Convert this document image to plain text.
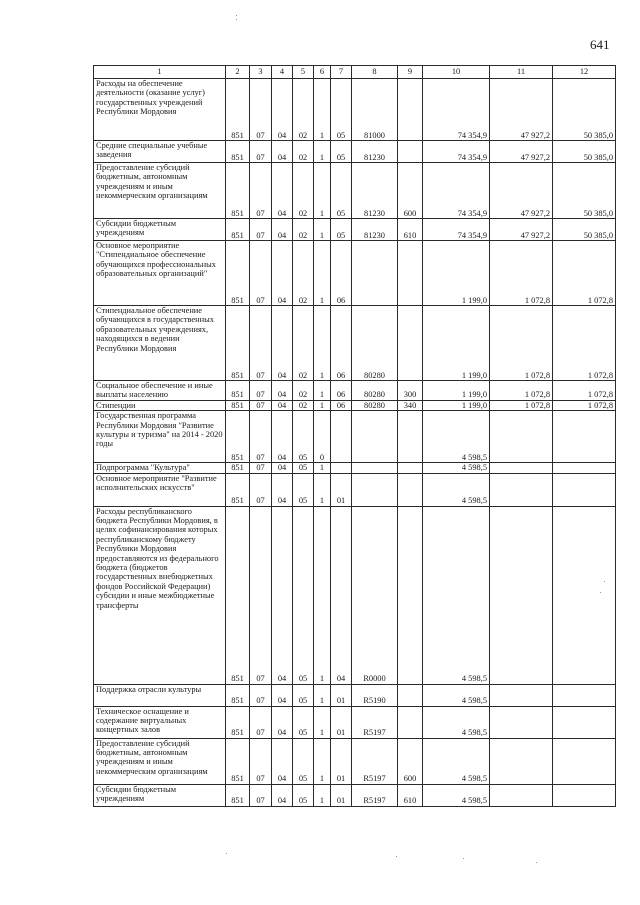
641
1	2	3	4	5	6	7	8	9	10	11	12
Расходы на обеспечение деятельности (оказание услуг) государственных учреждений Республики Мордовия	851	07	04	02	1	05	81000		74 354,9	47 927,2	50 385,0
Средние специальные учебные заведения	851	07	04	02	1	05	81230		74 354,9	47 927,2	50 385,0
Предоставление субсидий бюджетным, автономным учреждениям и иным некоммерческим организациям	851	07	04	02	1	05	81230	600	74 354,9	47 927,2	50 385,0
Субсидии бюджетным учреждениям	851	07	04	02	1	05	81230	610	74 354,9	47 927,2	50 385,0
Основное мероприятие "Стипендиальное обеспечение обучающихся профессиональных образовательных организаций"	851	07	04	02	1	06			1 199,0	1 072,8	1 072,8
Стипендиальное обеспечение обучающихся в государственных образовательных учреждениях, находящихся в ведении Республики Мордовия	851	07	04	02	1	06	80280		1 199,0	1 072,8	1 072,8
Социальное обеспечение и иные выплаты населению	851	07	04	02	1	06	80280	300	1 199,0	1 072,8	1 072,8
Стипендии	851	07	04	02	1	06	80280	340	1 199,0	1 072,8	1 072,8
Государственная программа Республики Мордовия "Развитие культуры и туризма" на 2014 - 2020 годы	851	07	04	05	0				4 598,5		
Подпрограмма "Культура"	851	07	04	05	1				4 598,5		
Основное мероприятие "Развитие исполнительских искусств"	851	07	04	05	1	01			4 598,5		
Расходы республиканского бюджета Республики Мордовия, в целях софинансирования которых республиканскому бюджету Республики Мордовия предоставляются из федерального бюджета (бюджетов государственных внебюджетных фондов Российской Федерации) субсидии и иные межбюджетные трансферты	851	07	04	05	1	04	R0000		4 598,5		
Поддержка отрасли культуры	851	07	04	05	1	01	R5190		4 598,5		
Техническое оснащение и содержание виртуальных концертных залов	851	07	04	05	1	01	R5197		4 598,5		
Предоставление субсидий бюджетным, автономным учреждениям и иным некоммерческим организациям	851	07	04	05	1	01	R5197	600	4 598,5		
Субсидии бюджетным учреждениям	851	07	04	05	1	01	R5197	610	4 598,5		
